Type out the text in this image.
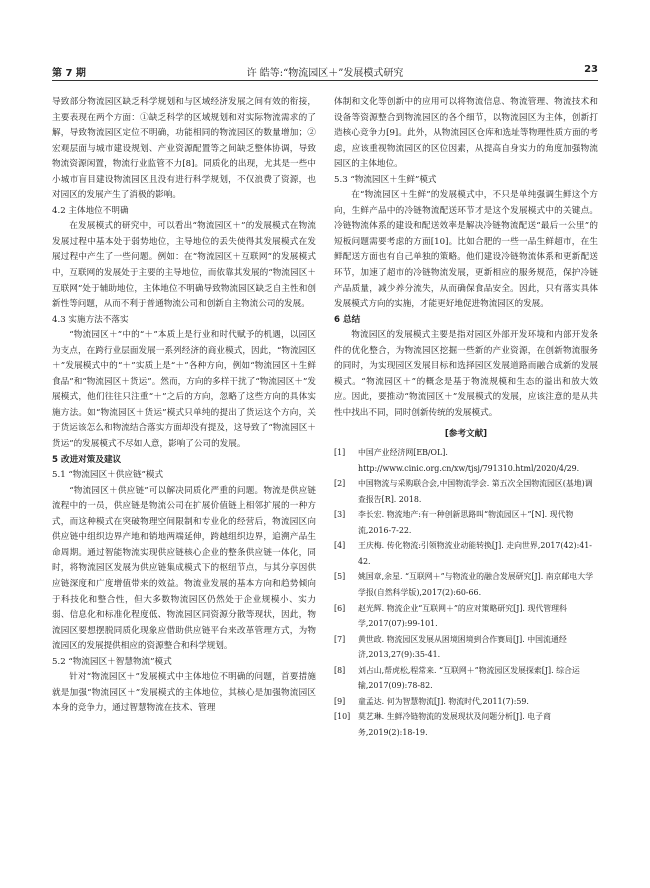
第 7 期	许 皓等:“物流园区＋”发展模式研究	23

导致部分物流园区缺乏科学规划和与区域经济发展之间有效的衔接，主要表现在两个方面：①缺乏科学的区域规划和对实际物流需求的了解，导致物流园区定位不明确，功能相同的物流园区的数量增加；②宏观层面与城市建设规划、产业资源配置等之间缺乏整体协调，导致物流资源闲置，物流行业监管不力[8]。同质化的出现，尤其是一些中小城市盲目建设物流园区且没有进行科学规划，不仅浪费了资源，也对园区的发展产生了消极的影响。

4.2 主体地位不明确

在发展模式的研究中，可以看出“物流园区＋”的发展模式在物流发展过程中基本处于弱势地位，主导地位的丢失使得其发展模式在发展过程中产生了一些问题。例如：在“物流园区＋互联网”的发展模式中，互联网的发展处于主要的主导地位，而依靠其发展的“物流园区＋互联网”处于辅助地位，主体地位不明确导致物流园区缺乏自主性和创新性等问题，从而不利于普通物流公司和创新自主物流公司的发展。

4.3 实施方法不落实

“物流园区＋”中的“＋”本质上是行业和时代赋予的机遇，以园区为支点，在跨行业层面发展一系列经济的商业模式，因此，“物流园区＋”发展模式中的“＋”实质上是“＋”各种方向，例如“物流园区＋生鲜食品”和“物流园区＋货运”。然而，方向的多样干扰了“物流园区＋”发展模式，他们往往只注重“＋”之后的方向，忽略了这些方向的具体实施方法。如“物流园区＋货运”模式只单纯的提出了货运这个方向，关于货运该怎么和物流结合落实方面却没有提及，这导致了“物流园区＋货运”的发展模式不尽如人意，影响了公司的发展。

5 改进对策及建议

5.1 “物流园区＋供应链”模式

“物流园区＋供应链”可以解决同质化严重的问题。物流是供应链流程中的一员，供应链是物流公司在扩展价值链上相邻扩展的一种方式，而这种模式在突破物理空间限制和专业化的经营后，物流园区向供应链中组织边界产地和销地两端延伸，跨越组织边界，追溯产品生命周期。通过智能物流实现供应链核心企业的整条供应链一体化，同时，将物流园区发展为供应链集成模式下的枢纽节点，与其分享因供应链深度和广度增值带来的效益。物流业发展的基本方向和趋势倾向于科技化和整合性，但大多数物流园区仍然处于企业规模小、实力弱、信息化和标准化程度低、物流园区同资源分散等现状，因此，物流园区要想摆脱同质化现象应借助供应链平台来改革管理方式，为物流园区的发展提供相应的资源整合和科学规划。

5.2 “物流园区＋智慧物流”模式

针对“物流园区＋”发展模式中主体地位不明确的问题，首要措施就是加强“物流园区＋”发展模式的主体地位，其核心是加强物流园区本身的竞争力，通过智慧物流在技术、管理

体制和文化等创新中的应用可以将物流信息、物流管理、物流技术和设备等资源整合到物流园区的各个细节，以物流园区为主体，创新打造核心竞争力[9]。此外，从物流园区仓库和选址等物理性质方面的考虑，应该重视物流园区的区位因素，从提高自身实力的角度加强物流园区的主体地位。

5.3 “物流园区＋生鲜”模式

在“物流园区＋生鲜”的发展模式中，不只是单纯强调生鲜这个方向，生鲜产品中的冷链物流配送环节才是这个发展模式中的关键点。冷链物流体系的建设和配送效率是解决冷链物流配送“最后一公里”的短板问题需要考虑的方面[10]。比如合肥的一些一品生鲜超市，在生鲜配送方面也有自己单独的策略。他们建设冷链物流体系和更新配送环节，加速了超市的冷链物流发展，更新相应的服务规范，保护冷链产品质量，减少养分流失，从而确保食品安全。因此，只有落实具体发展模式方向的实施，才能更好地促进物流园区的发展。

6 总结

物流园区的发展模式主要是指对园区外部开发环境和内部开发条件的优化整合，为物流园区挖掘一些新的产业资源，在创新物流服务的同时，为实现园区发展目标和选择园区发展道路而融合成新的发展模式。“物流园区＋”的概念是基于物流规模和生态的溢出和放大效应。因此，要推动“物流园区＋”发展模式的发展，应该注意的是从共性中找出不同，同时创新传统的发展模式。

[参考文献]

[1] 中国产业经济网[EB/OL]. http://www.cinic.org.cn/xw/tjsj/791310.html/2020/4/29.

[2] 中国物流与采购联合会,中国物流学会. 第五次全国物流园区(基地)调查报告[R]. 2018.

[3] 李长宏. 物流地产:有一种创新思路叫“物流园区＋”[N]. 现代物流,2016-7-22.

[4] 王庆梅. 传化物流:引领物流业动能转换[J]. 走向世界,2017(42):41-42.

[5] 姚国章,余星. “互联网＋”与物流业的融合发展研究[J]. 南京邮电大学学报(自然科学版),2017(2):60-66.

[6] 赵光辉. 物流企业“互联网＋”的应对策略研究[J]. 现代管理科学,2017(07):99-101.

[7] 黄世政. 物流园区发展从困境困境到合作赛局[J]. 中国流通经济,2013,27(9):35-41.

[8] 刘占山,帮虎松,程常来. “互联网＋”物流园区发展探索[J]. 综合运输,2017(09):78-82.

[9] 童孟达. 何为智慧物流[J]. 物流时代,2011(7):59.

[10] 莫艺琳. 生鲜冷链物流的发展现状及问题分析[J]. 电子商务,2019(2):18-19.
